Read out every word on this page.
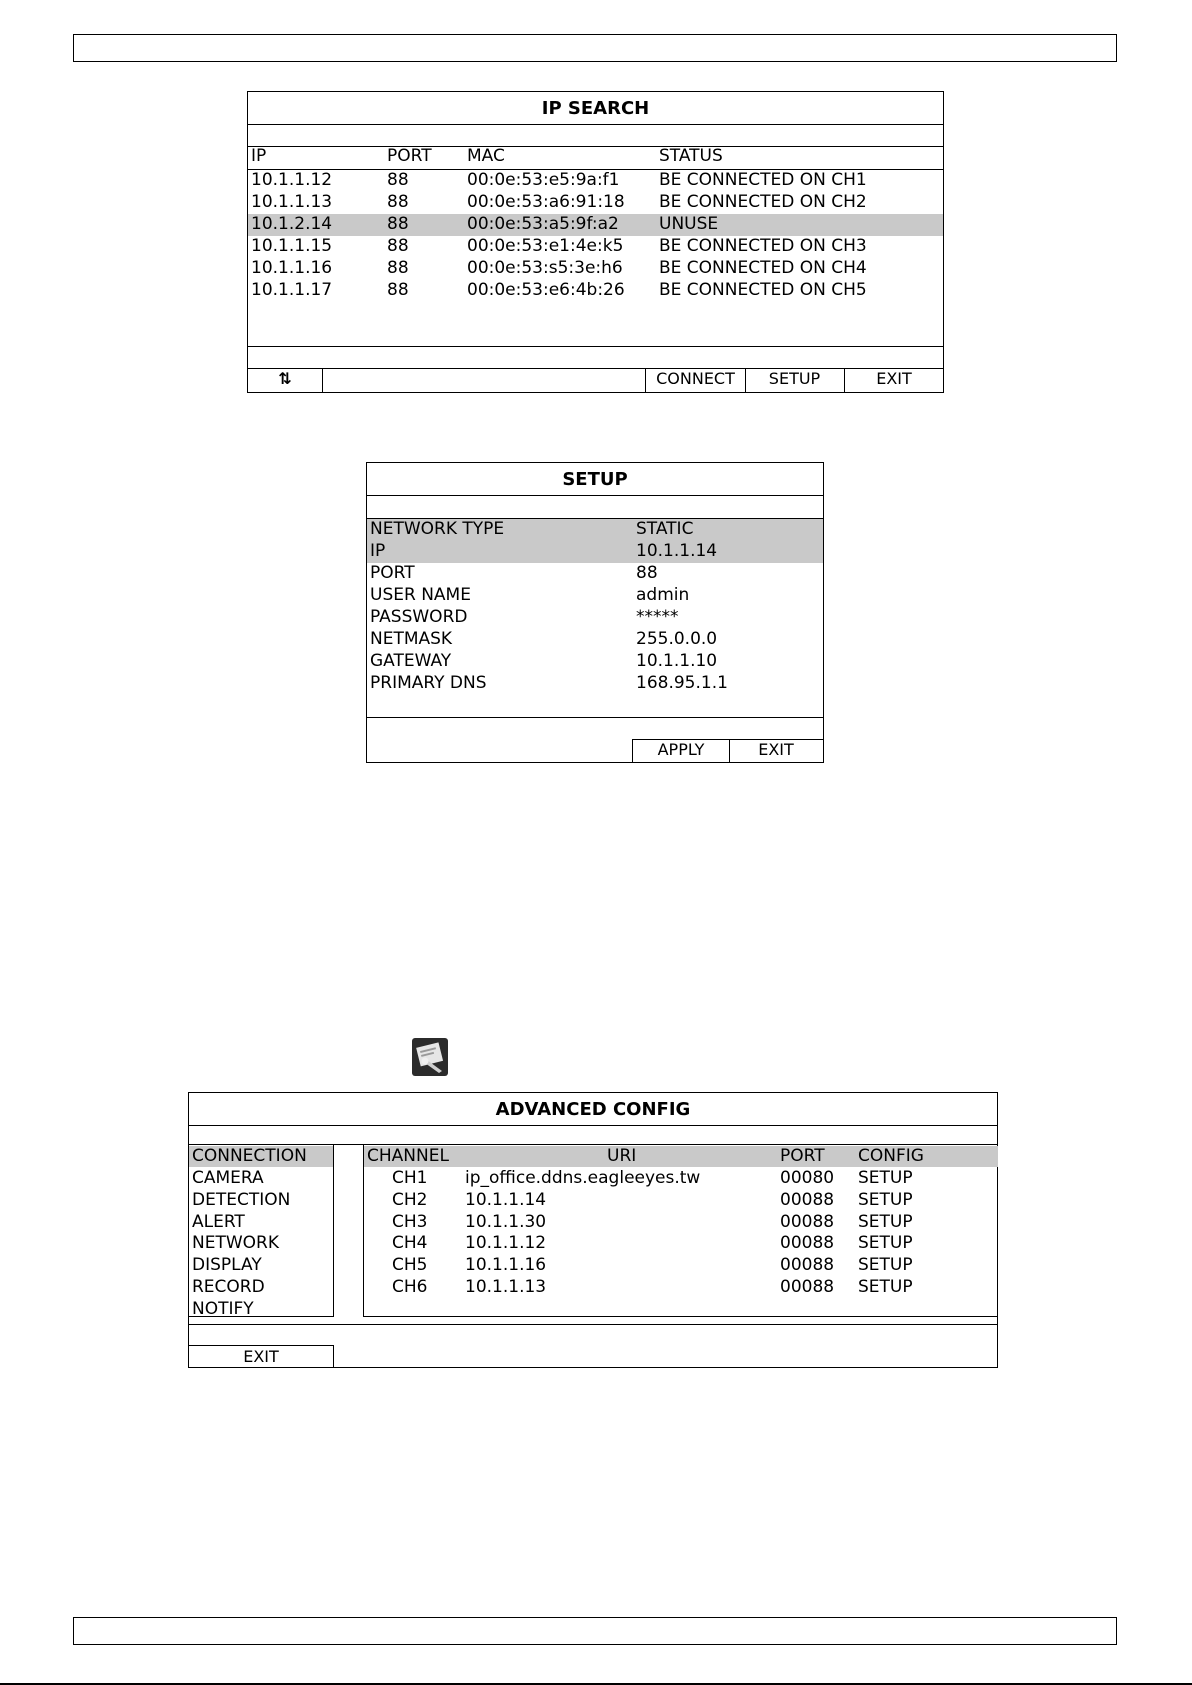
IP SEARCH
IP	PORT MAC	STATUS
10.1.1.12	88	00:0e:53:e5:9a:f1 BE CONNECTED ON CH1
10.1.1.13	88	00:0e:53:a6:91:18 BE CONNECTED ON CH2
10.1.2.14	88	00:0e:53:a5:9f:a2 UNUSE
10.1.1.15	88	00:0e:53:e1:4e:k5 BE CONNECTED ON CH3
10.1.1.16	88	00:0e:53:s5:3e:h6 BE CONNECTED ON CH4
10.1.1.17	88	00:0e:53:e6:4b:26 BE CONNECTED ON CH5
⇅	CONNECT	SETUP	EXIT
SETUP
NETWORK TYPE	STATIC
IP	10.1.1.14
PORT	88
USER NAME	admin
PASSWORD	*****
NETMASK	255.0.0.0
GATEWAY	10.1.1.10
PRIMARY DNS	168.95.1.1
APPLY	EXIT
ADVANCED CONFIG
CONNECTION
CAMERA
DETECTION
ALERT
NETWORK
DISPLAY
RECORD
NOTIFY
CHANNEL	URI	PORT CONFIG
CH1 ip_office.ddns.eagleeyes.tw	00080 SETUP
CH2 10.1.1.14	00088 SETUP
CH3 10.1.1.30	00088 SETUP
CH4 10.1.1.12	00088 SETUP
CH5 10.1.1.16	00088 SETUP
CH6 10.1.1.13	00088 SETUP
EXIT
